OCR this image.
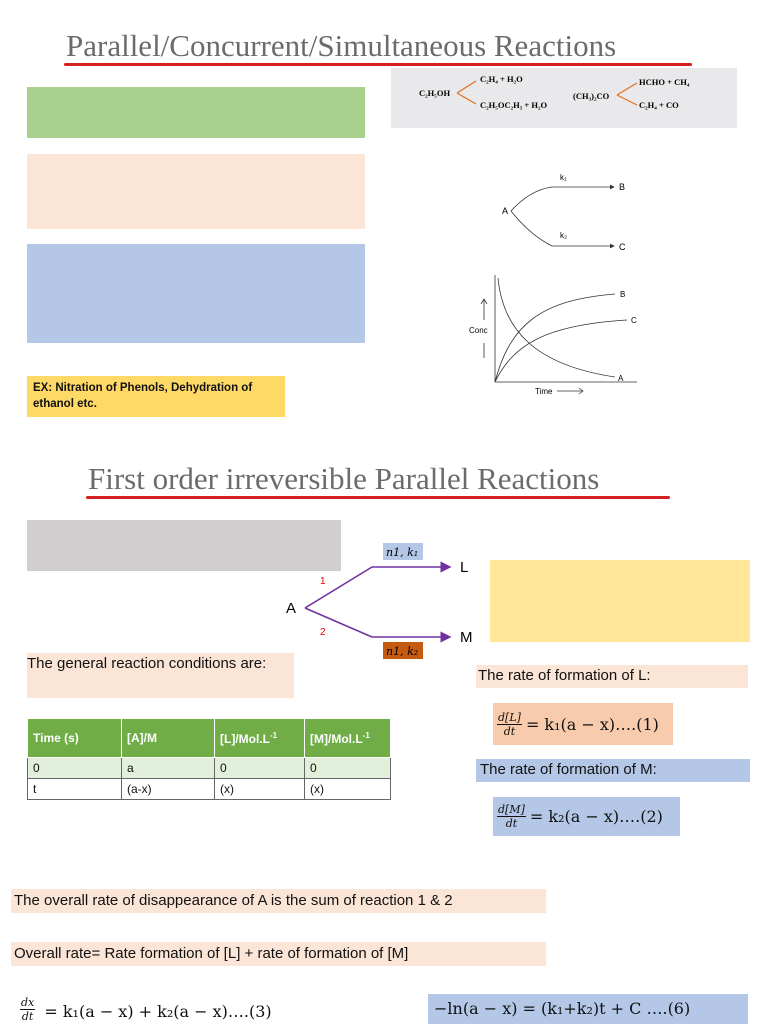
Parallel/Concurrent/Simultaneous Reactions
EX: Nitration of Phenols, Dehydration of ethanol etc.
C₂H₅OH
C₂H₄ + H₂O
C₂H₅OC₂H₅ + H₂O
(CH₃)₂CO
HCHO + CH₄
C₂H₄ + CO
A
k₁
k₂
B
C
Conc
Time
B
C
A
First order irreversible Parallel Reactions
n1, k₁
A
1
2
L
M
n1, k₂
The general reaction conditions are:
Time (s)	[A]/M	$[L]/Mol.L^{-1}$	$[M]/Mol.L^{-1}$
0	a	0	0
t	(a-x)	(x)	(x)
The rate of formation of L:
$\frac{d[L]}{dt} = k_1(a$ − x)….(1)
The rate of formation of M:
$\frac{d[M]}{dt} = k_2(a$ − x)….(2)
The overall rate of disappearance of A is the sum of reaction 1 & 2
Overall rate= Rate formation of [L] + rate of formation of [M]
$\frac{dx}{dt} = k_1(a - x) + k_2(a$ − x)….(3)	−ln(a − x) = (k₁+k₂)t + C ….(6)
